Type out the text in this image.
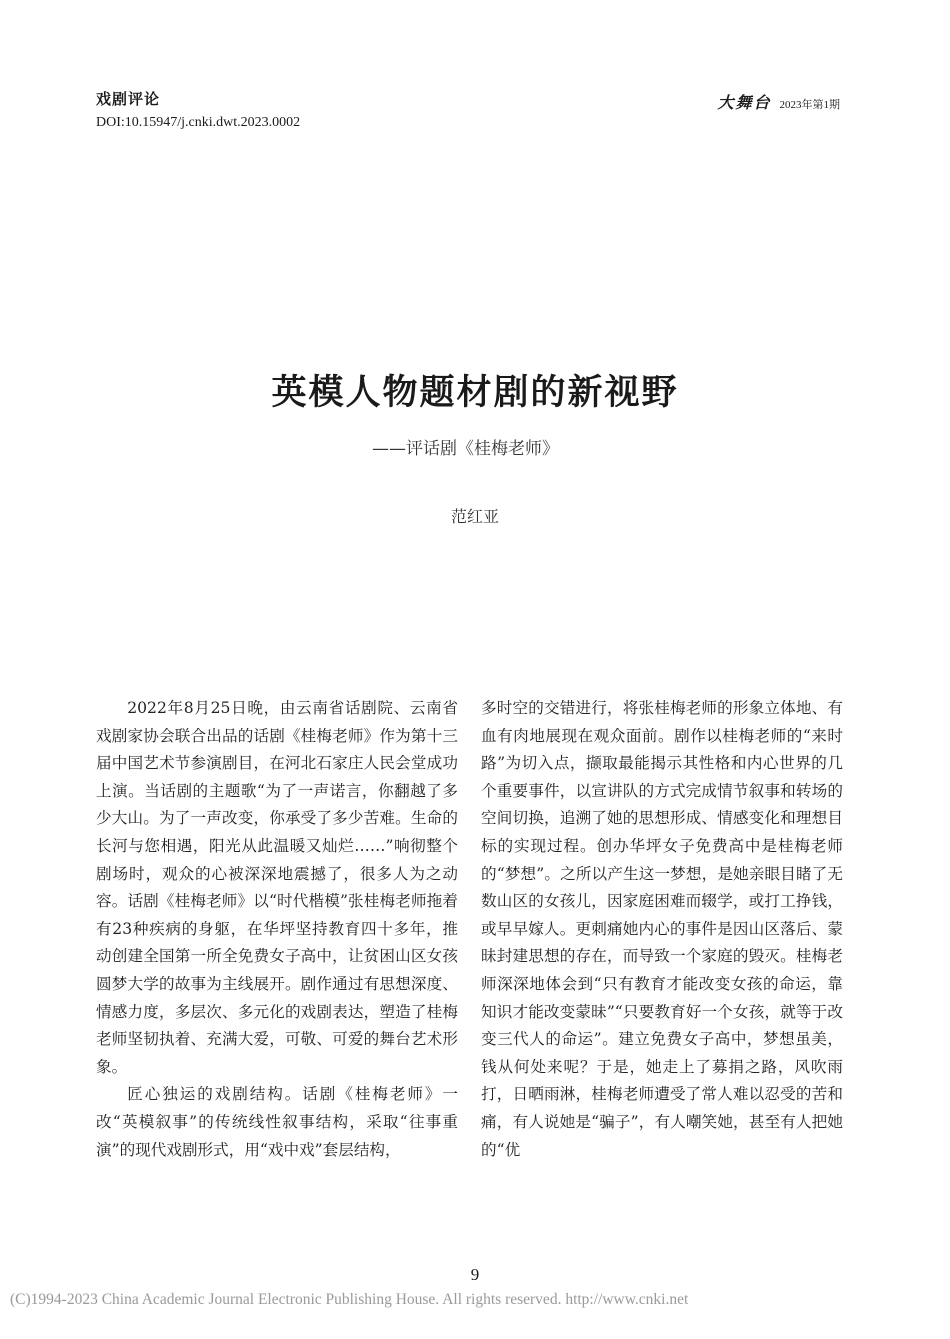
戏剧评论

DOI:10.15947/j.cnki.dwt.2023.0002

大舞台 2023年第1期
英模人物题材剧的新视野

——评话剧《桂梅老师》

范红亚

2022年8月25日晚，由云南省话剧院、云南省戏剧家协会联合出品的话剧《桂梅老师》作为第十三届中国艺术节参演剧目，在河北石家庄人民会堂成功上演。当话剧的主题歌“为了一声诺言，你翻越了多少大山。为了一声改变，你承受了多少苦难。生命的长河与您相遇，阳光从此温暖又灿烂……”响彻整个剧场时，观众的心被深深地震撼了，很多人为之动容。话剧《桂梅老师》以“时代楷模”张桂梅老师拖着有23种疾病的身躯，在华坪坚持教育四十多年，推动创建全国第一所全免费女子高中，让贫困山区女孩圆梦大学的故事为主线展开。剧作通过有思想深度、情感力度，多层次、多元化的戏剧表达，塑造了桂梅老师坚韧执着、充满大爱，可敬、可爱的舞台艺术形象。

匠心独运的戏剧结构。话剧《桂梅老师》一改“英模叙事”的传统线性叙事结构，采取“往事重演”的现代戏剧形式，用“戏中戏”套层结构，

多时空的交错进行，将张桂梅老师的形象立体地、有血有肉地展现在观众面前。剧作以桂梅老师的“来时路”为切入点，撷取最能揭示其性格和内心世界的几个重要事件，以宣讲队的方式完成情节叙事和转场的空间切换，追溯了她的思想形成、情感变化和理想目标的实现过程。创办华坪女子免费高中是桂梅老师的“梦想”。之所以产生这一梦想，是她亲眼目睹了无数山区的女孩儿，因家庭困难而辍学，或打工挣钱，或早早嫁人。更刺痛她内心的事件是因山区落后、蒙昧封建思想的存在，而导致一个家庭的毁灭。桂梅老师深深地体会到“只有教育才能改变女孩的命运，靠知识才能改变蒙昧”“只要教育好一个女孩，就等于改变三代人的命运”。建立免费女子高中，梦想虽美，钱从何处来呢？于是，她走上了募捐之路，风吹雨打，日晒雨淋，桂梅老师遭受了常人难以忍受的苦和痛，有人说她是“骗子”，有人嘲笑她，甚至有人把她的“优

9

(C)1994-2023 China Academic Journal Electronic Publishing House. All rights reserved. http://www.cnki.net
